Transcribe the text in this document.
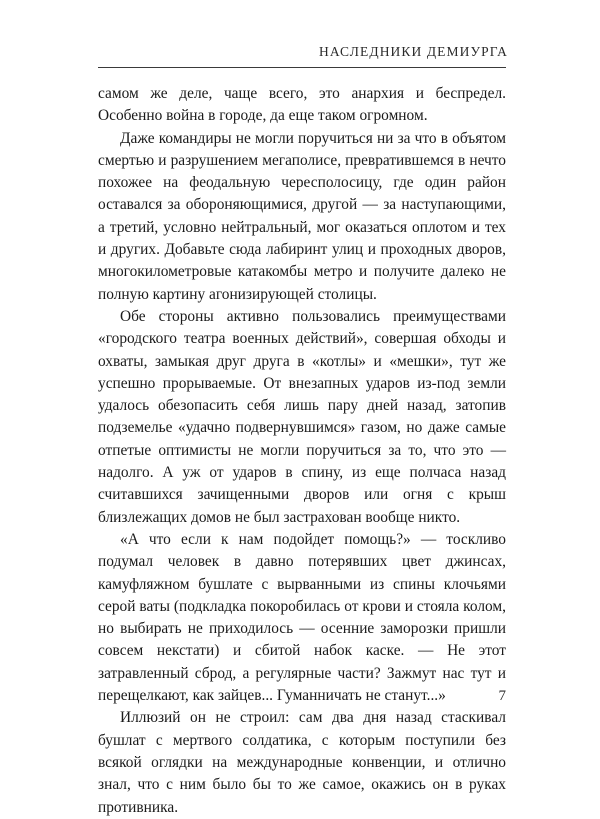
НАСЛЕДНИКИ ДЕМИУРГА

самом же деле, чаще всего, это анархия и беспредел. Особенно война в городе, да еще таком огромном.

Даже командиры не могли поручиться ни за что в объятом смертью и разрушением мегаполисе, превратившемся в нечто похожее на феодальную чересполосицу, где один район оставался за обороняющимися, другой — за наступающими, а третий, условно нейтральный, мог оказаться оплотом и тех и других. Добавьте сюда лабиринт улиц и проходных дворов, многокилометровые катакомбы метро и получите далеко не полную картину агонизирующей столицы.

Обе стороны активно пользовались преимуществами «городского театра военных действий», совершая обходы и охваты, замыкая друг друга в «котлы» и «мешки», тут же успешно прорываемые. От внезапных ударов из-под земли удалось обезопасить себя лишь пару дней назад, затопив подземелье «удачно подвернувшимся» газом, но даже самые отпетые оптимисты не могли поручиться за то, что это — надолго. А уж от ударов в спину, из еще полчаса назад считавшихся зачищенными дворов или огня с крыш близлежащих домов не был застрахован вообще никто.

«А что если к нам подойдет помощь?» — тоскливо подумал человек в давно потерявших цвет джинсах, камуфляжном бушлате с вырванными из спины клочьями серой ваты (подкладка покоробилась от крови и стояла колом, но выбирать не приходилось — осенние заморозки пришли совсем некстати) и сбитой набок каске. — Не этот затравленный сброд, а регулярные части? Зажмут нас тут и перещелкают, как зайцев... Гуманничать не станут...»

Иллюзий он не строил: сам два дня назад стаскивал бушлат с мертвого солдатика, с которым поступили без всякой оглядки на международные конвенции, и отлично знал, что с ним было бы то же самое, окажись он в руках противника.

7
